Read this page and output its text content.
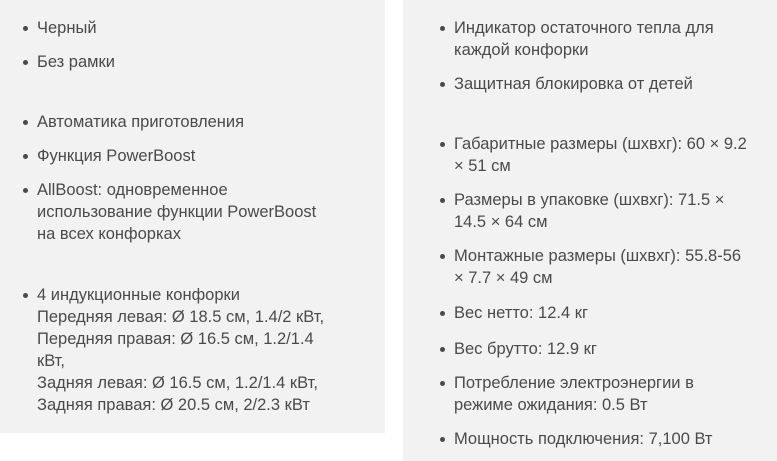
Черный
Без рамки
Автоматика приготовления
Функция PowerBoost
AllBoost: одновременное
использование функции PowerBoost
на всех конфорках
4 индукционные конфорки
Передняя левая: Ø 18.5 см, 1.4/2 кВт,
Передняя правая: Ø 16.5 см, 1.2/1.4
кВт,
Задняя левая: Ø 16.5 см, 1.2/1.4 кВт,
Задняя правая: Ø 20.5 см, 2/2.3 кВт
Индикатор остаточного тепла для
каждой конфорки
Защитная блокировка от детей
Габаритные размеры (шхвхг): 60 × 9.2
× 51 см
Размеры в упаковке (шхвхг): 71.5 ×
14.5 × 64 см
Монтажные размеры (шхвхг): 55.8-56
× 7.7 × 49 см
Вес нетто: 12.4 кг
Вес брутто: 12.9 кг
Потребление электроэнергии в
режиме ожидания: 0.5 Вт
Мощность подключения: 7,100 Вт
